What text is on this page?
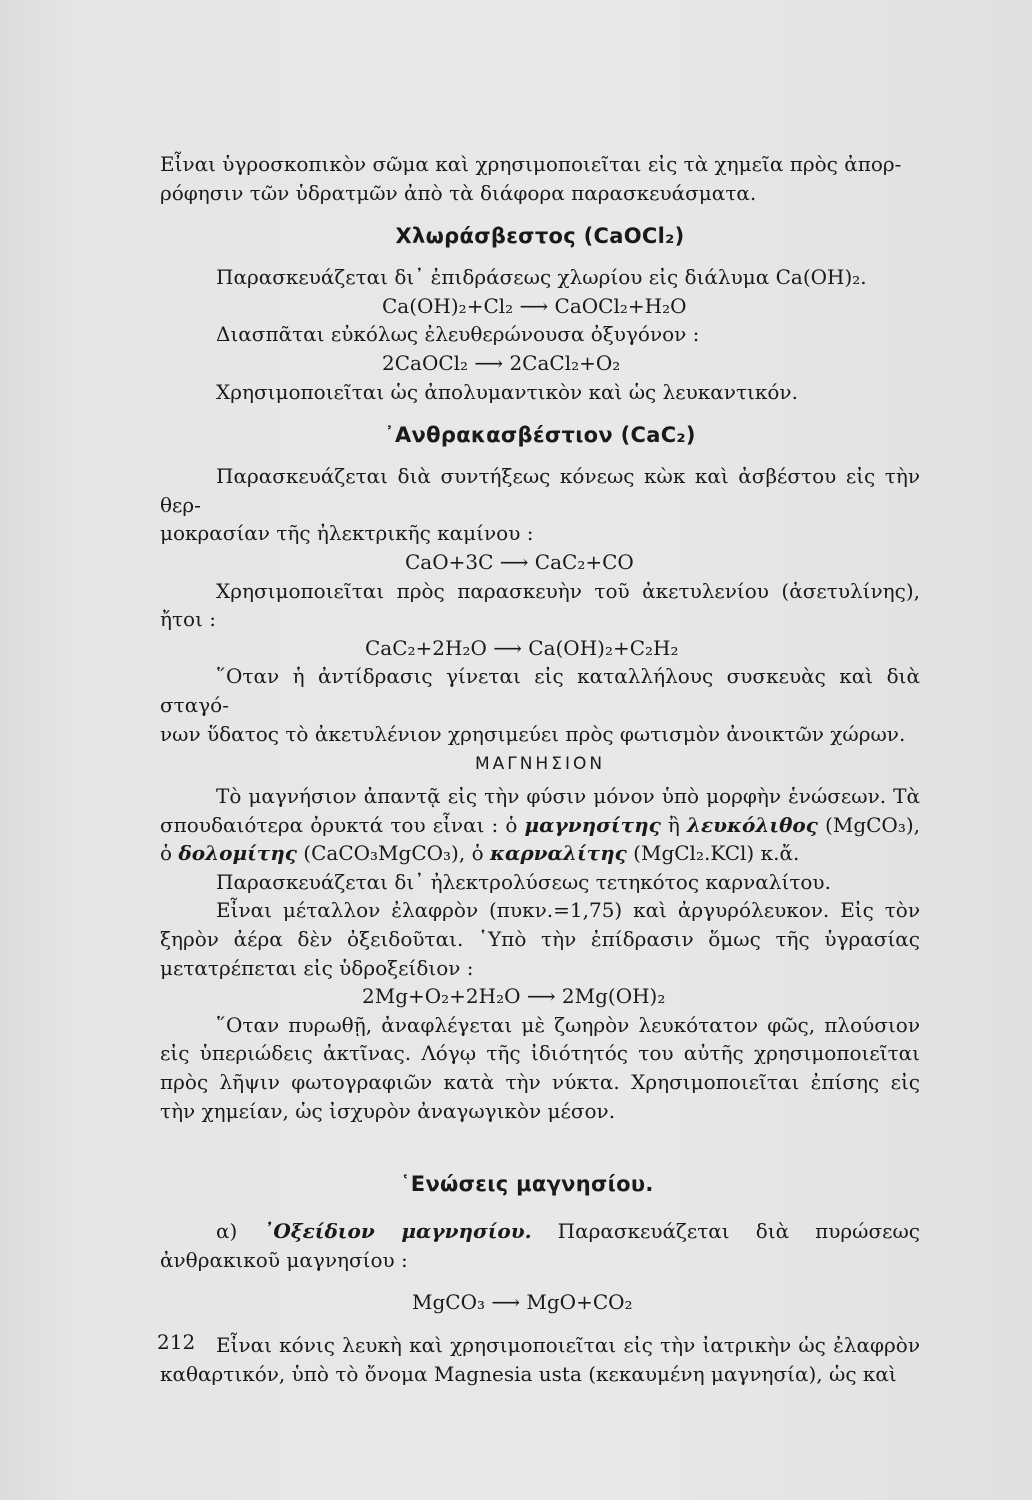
Εἶναι ὑγροσκοπικὸν σῶμα καὶ χρησιμοποιεῖται εἰς τὰ χημεῖα πρὸς ἀπορ-

ρόφησιν τῶν ὑδρατμῶν ἀπὸ τὰ διάφορα παρασκευάσματα.

Χλωράσβεστος (CaOCl₂)

Παρασκευάζεται δι᾽ ἐπιδράσεως χλωρίου εἰς διάλυμα Ca(OH)₂.

Ca(OH)₂+Cl₂ ⟶ CaOCl₂+H₂O

Διασπᾶται εὐκόλως ἐλευθερώνουσα ὀξυγόνον :

2CaOCl₂ ⟶ 2CaCl₂+O₂

Χρησιμοποιεῖται ὡς ἀπολυμαντικὸν καὶ ὡς λευκαντικόν.

᾿Ανθρακασβέστιον (CaC₂)

Παρασκευάζεται διὰ συντήξεως κόνεως κὼκ καὶ ἀσβέστου εἰς τὴν θερ-

μοκρασίαν τῆς ἠλεκτρικῆς καμίνου :

CaO+3C ⟶ CaC₂+CO

Χρησιμοποιεῖται πρὸς παρασκευὴν τοῦ ἀκετυλενίου (ἀσετυλίνης), ἤτοι :

CaC₂+2H₂O ⟶ Ca(OH)₂+C₂H₂

῞Οταν ἡ ἀντίδρασις γίνεται εἰς καταλλήλους συσκευὰς καὶ διὰ σταγό-

νων ὕδατος τὸ ἀκετυλένιον χρησιμεύει πρὸς φωτισμὸν ἀνοικτῶν χώρων.

ΜΑΓΝΗΣΙΟΝ

Τὸ μαγνήσιον ἀπαντᾷ εἰς τὴν φύσιν μόνον ὑπὸ μορφὴν ἑνώσεων. Τὰ σπουδαιότερα ὀρυκτά του εἶναι : ὁ μαγνησίτης ἢ λευκόλιθος (MgCO₃), ὁ δολομίτης (CaCO₃MgCO₃), ὁ καρναλίτης (MgCl₂.KCl) κ.ἄ.

Παρασκευάζεται δι᾽ ἠλεκτρολύσεως τετηκότος καρναλίτου.

Εἶναι μέταλλον ἐλαφρὸν (πυκν.=1,75) καὶ ἀργυρόλευκον. Εἰς τὸν ξηρὸν ἀέρα δὲν ὀξειδοῦται. ῾Υπὸ τὴν ἐπίδρασιν ὅμως τῆς ὑγρασίας μετατρέπεται εἰς ὑδροξείδιον :

2Mg+O₂+2H₂O ⟶ 2Mg(OH)₂

῞Οταν πυρωθῇ, ἀναφλέγεται μὲ ζωηρὸν λευκότατον φῶς, πλούσιον εἰς ὑπεριώδεις ἀκτῖνας. Λόγῳ τῆς ἰδιότητός του αὐτῆς χρησιμοποιεῖται πρὸς λῆψιν φωτογραφιῶν κατὰ τὴν νύκτα. Χρησιμοποιεῖται ἐπίσης εἰς τὴν χημείαν, ὡς ἰσχυρὸν ἀναγωγικὸν μέσον.

῾Ενώσεις μαγνησίου.

α) ᾿Οξείδιον μαγνησίου. Παρασκευάζεται διὰ πυρώσεως ἀνθρακικοῦ μαγνησίου :

MgCO₃ ⟶ MgO+CO₂

Εἶναι κόνις λευκὴ καὶ χρησιμοποιεῖται εἰς τὴν ἰατρικὴν ὡς ἐλαφρὸν καθαρτικόν, ὑπὸ τὸ ὄνομα Magnesia usta (κεκαυμένη μαγνησία), ὡς καὶ

212
